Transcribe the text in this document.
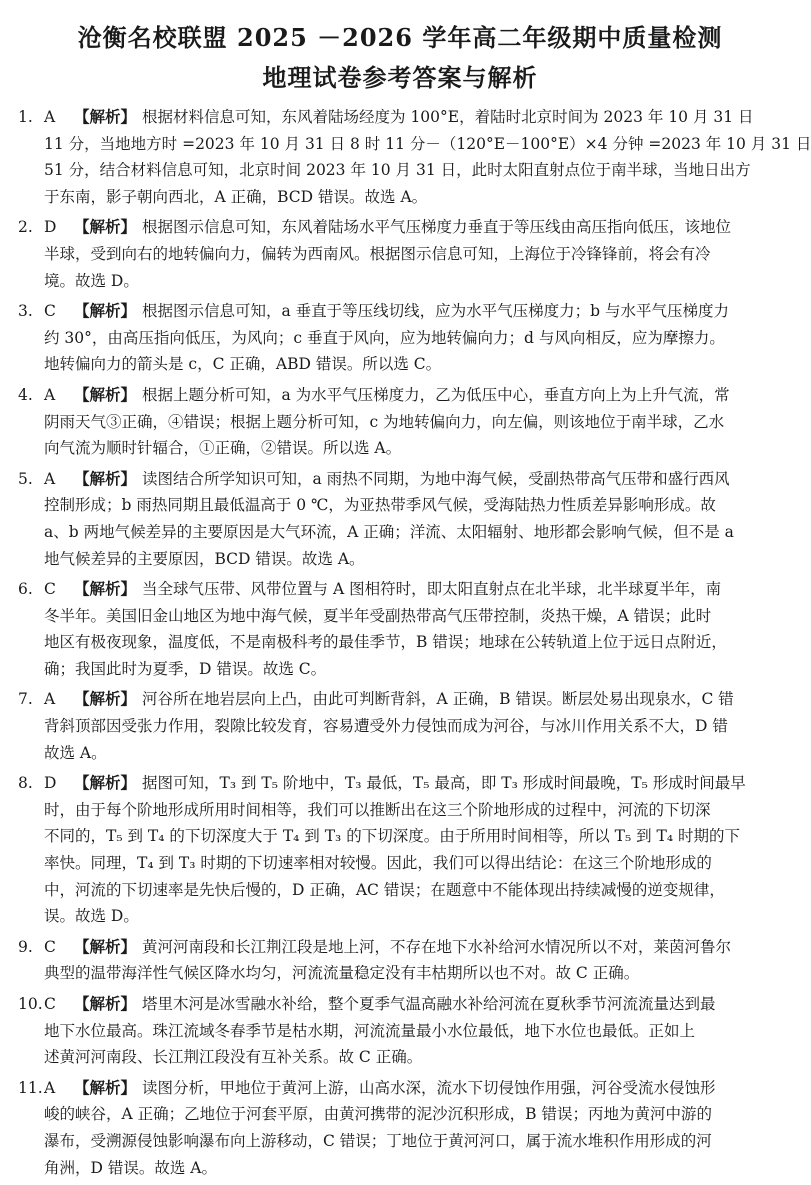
沧衡名校联盟 2025 －2026 学年高二年级期中质量检测
地理试卷参考答案与解析
1. A 【解析】 根据材料信息可知，东风着陆场经度为 100°E，着陆时北京时间为 2023 年 10 月 31 日
11 分，当地地方时 =2023 年 10 月 31 日 8 时 11 分－（120°E－100°E）×4 分钟 =2023 年 10 月 31 日
51 分，结合材料信息可知，北京时间 2023 年 10 月 31 日，此时太阳直射点位于南半球，当地日出方
于东南，影子朝向西北，A 正确，BCD 错误。故选 A。
2. D 【解析】 根据图示信息可知，东风着陆场水平气压梯度力垂直于等压线由高压指向低压，该地位
半球，受到向右的地转偏向力，偏转为西南风。根据图示信息可知，上海位于冷锋锋前，将会有冷
境。故选 D。
3. C 【解析】 根据图示信息可知，a 垂直于等压线切线，应为水平气压梯度力；b 与水平气压梯度力
约 30°，由高压指向低压，为风向；c 垂直于风向，应为地转偏向力；d 与风向相反，应为摩擦力。
地转偏向力的箭头是 c，C 正确，ABD 错误。所以选 C。
4. A 【解析】 根据上题分析可知，a 为水平气压梯度力，乙为低压中心，垂直方向上为上升气流，常
阴雨天气③正确，④错误；根据上题分析可知，c 为地转偏向力，向左偏，则该地位于南半球，乙水
向气流为顺时针辐合，①正确，②错误。所以选 A。
5. A 【解析】 读图结合所学知识可知，a 雨热不同期，为地中海气候，受副热带高气压带和盛行西风
控制形成；b 雨热同期且最低温高于 0 ℃，为亚热带季风气候，受海陆热力性质差异影响形成。故
a、b 两地气候差异的主要原因是大气环流，A 正确；洋流、太阳辐射、地形都会影响气候，但不是 a
地气候差异的主要原因，BCD 错误。故选 A。
6. C 【解析】 当全球气压带、风带位置与 A 图相符时，即太阳直射点在北半球，北半球夏半年，南
冬半年。美国旧金山地区为地中海气候，夏半年受副热带高气压带控制，炎热干燥，A 错误；此时
地区有极夜现象，温度低，不是南极科考的最佳季节，B 错误；地球在公转轨道上位于远日点附近，
确；我国此时为夏季，D 错误。故选 C。
7. A 【解析】 河谷所在地岩层向上凸，由此可判断背斜，A 正确，B 错误。断层处易出现泉水，C 错
背斜顶部因受张力作用，裂隙比较发育，容易遭受外力侵蚀而成为河谷，与冰川作用关系不大，D 错
故选 A。
8. D 【解析】 据图可知，T₃ 到 T₅ 阶地中，T₃ 最低，T₅ 最高，即 T₃ 形成时间最晚，T₅ 形成时间最早
时，由于每个阶地形成所用时间相等，我们可以推断出在这三个阶地形成的过程中，河流的下切深
不同的，T₅ 到 T₄ 的下切深度大于 T₄ 到 T₃ 的下切深度。由于所用时间相等，所以 T₅ 到 T₄ 时期的下
率快。同理，T₄ 到 T₃ 时期的下切速率相对较慢。因此，我们可以得出结论：在这三个阶地形成的
中，河流的下切速率是先快后慢的，D 正确，AC 错误；在题意中不能体现出持续减慢的逆变规律，
误。故选 D。
9. C 【解析】 黄河河南段和长江荆江段是地上河，不存在地下水补给河水情况所以不对，莱茵河鲁尔
典型的温带海洋性气候区降水均匀，河流流量稳定没有丰枯期所以也不对。故 C 正确。
10.C 【解析】 塔里木河是冰雪融水补给，整个夏季气温高融水补给河流在夏秋季节河流流量达到最
地下水位最高。珠江流域冬春季节是枯水期，河流流量最小水位最低，地下水位也最低。正如上
述黄河河南段、长江荆江段没有互补关系。故 C 正确。
11.A 【解析】 读图分析，甲地位于黄河上游，山高水深，流水下切侵蚀作用强，河谷受流水侵蚀形
峻的峡谷，A 正确；乙地位于河套平原，由黄河携带的泥沙沉积形成，B 错误；丙地为黄河中游的
瀑布，受溯源侵蚀影响瀑布向上游移动，C 错误；丁地位于黄河河口，属于流水堆积作用形成的河
角洲，D 错误。故选 A。
